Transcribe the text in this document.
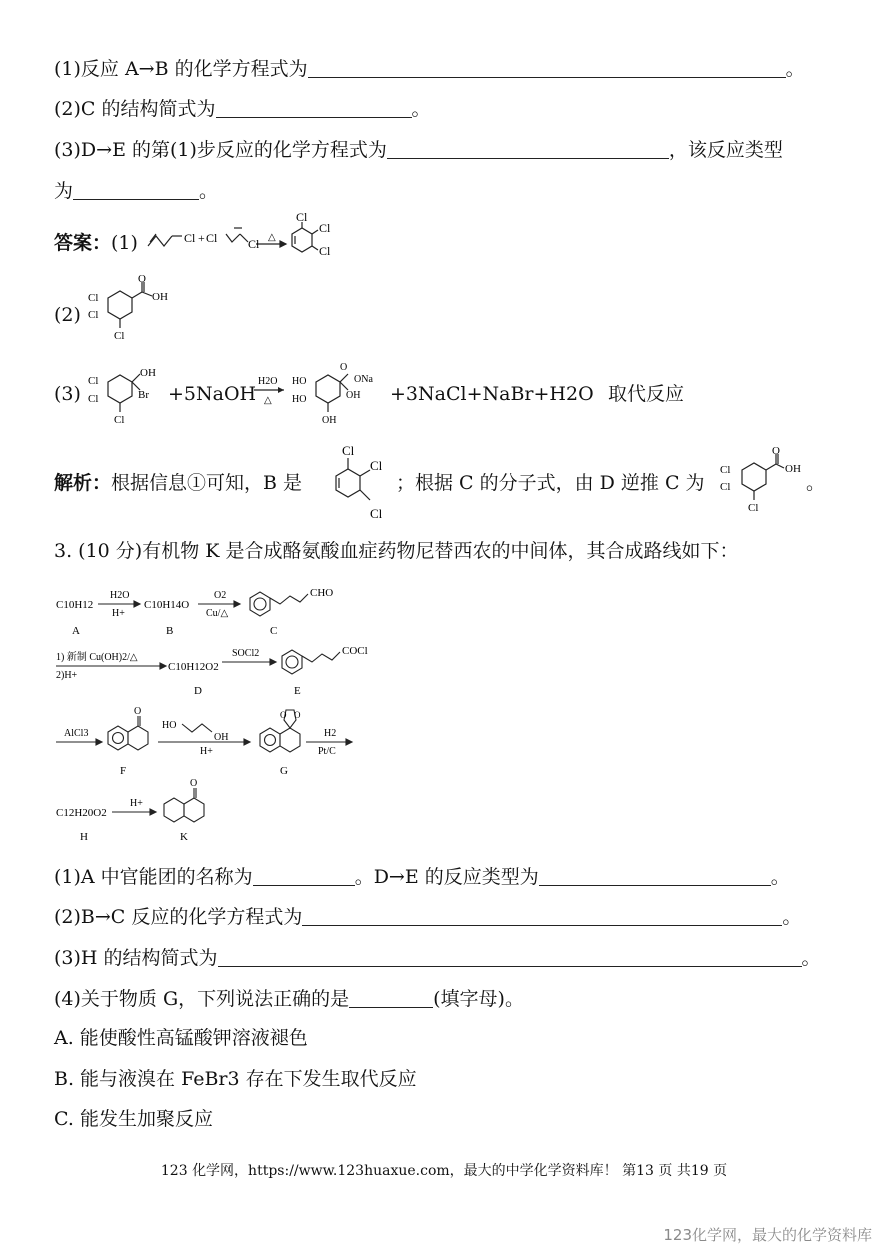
(1)反应 A→B 的化学方程式为	。
(2)C 的结构简式为	。
(3)D→E 的第(1)步反应的化学方程式为	，该反应类型
为	。
答案：(1)	Cl + Cl	Cl △
Cl
Cl
Cl
(2)
O
OH
Cl
Cl
Cl
(3)
OH
Br
Cl
Cl
Cl
+5NaOH
H2O
△
O
ONa
OH
HO
HO
OH
+3NaCl+NaBr+H2O 取代反应
解析：根据信息①可知，B 是
Cl
Cl
Cl
；根据 C 的分子式，由 D 逆推 C 为
O
OH
Cl
Cl
Cl
。
3. (10 分)有机物 K 是合成酪氨酸血症药物尼替西农的中间体，其合成路线如下：
C10H12
A
H2O
H+
C10H14O
B
O2
Cu/△
CHO
C
1) 新制 Cu(OH)2/△
2)H+
C10H12O2
D
SOCl2	COCl
E
AlCl3
O
F
HO
OH
H+
O O
G
H2
Pt/C
C12H20O2
H
H+
O
K
(1)A 中官能团的名称为	。D→E 的反应类型为	。
(2)B→C 反应的化学方程式为	。
(3)H 的结构简式为	。
(4)关于物质 G，下列说法正确的是	(填字母)。
A. 能使酸性高锰酸钾溶液褪色
B. 能与液溴在 FeBr3 存在下发生取代反应
C. 能发生加聚反应
123 化学网，https://www.123huaxue.com，最大的中学化学资料库！ 第13 页 共19 页
123化学网，最大的化学资料库
